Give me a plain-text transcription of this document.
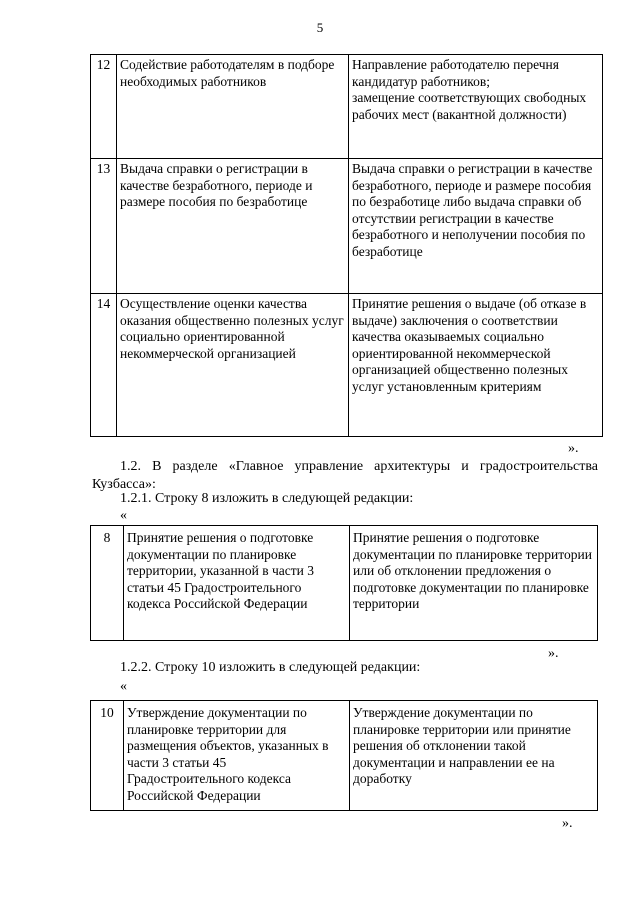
5
12	Содействие работодателям в подборе необходимых работников	Направление работодателю перечня кандидатур работников;
замещение соответствующих свободных рабочих мест (вакантной должности)

13	Выдача справки о регистрации в качестве безработного, периоде и размере пособия по безработице	Выдача справки о регистрации в качестве безработного, периоде и размере пособия по безработице либо выдача справки об отсутствии регистрации в качестве безработного и неполучении пособия по безработице

14	Осуществление оценки качества оказания общественно полезных услуг социально ориентированной некоммерческой организацией	Принятие решения о выдаче (об отказе в выдаче) заключения о соответствии качества оказываемых социально ориентированной некоммерческой организацией общественно полезных услуг установленным критериям
».
1.2. В разделе «Главное управление архитектуры и градостроительства Кузбасса»:
1.2.1. Строку 8 изложить в следующей редакции:
«
8	Принятие решения о подготовке документации по планировке территории, указанной в части 3 статьи 45 Градостроительного кодекса Российской Федерации	Принятие решения о подготовке документации по планировке территории или об отклонении предложения о подготовке документации по планировке территории
».
1.2.2. Строку 10 изложить в следующей редакции:
«
10	Утверждение документации по планировке территории для размещения объектов, указанных в части 3 статьи 45 Градостроительного кодекса Российской Федерации	Утверждение документации по планировке территории или принятие решения об отклонении такой документации и направлении ее на доработку
».
